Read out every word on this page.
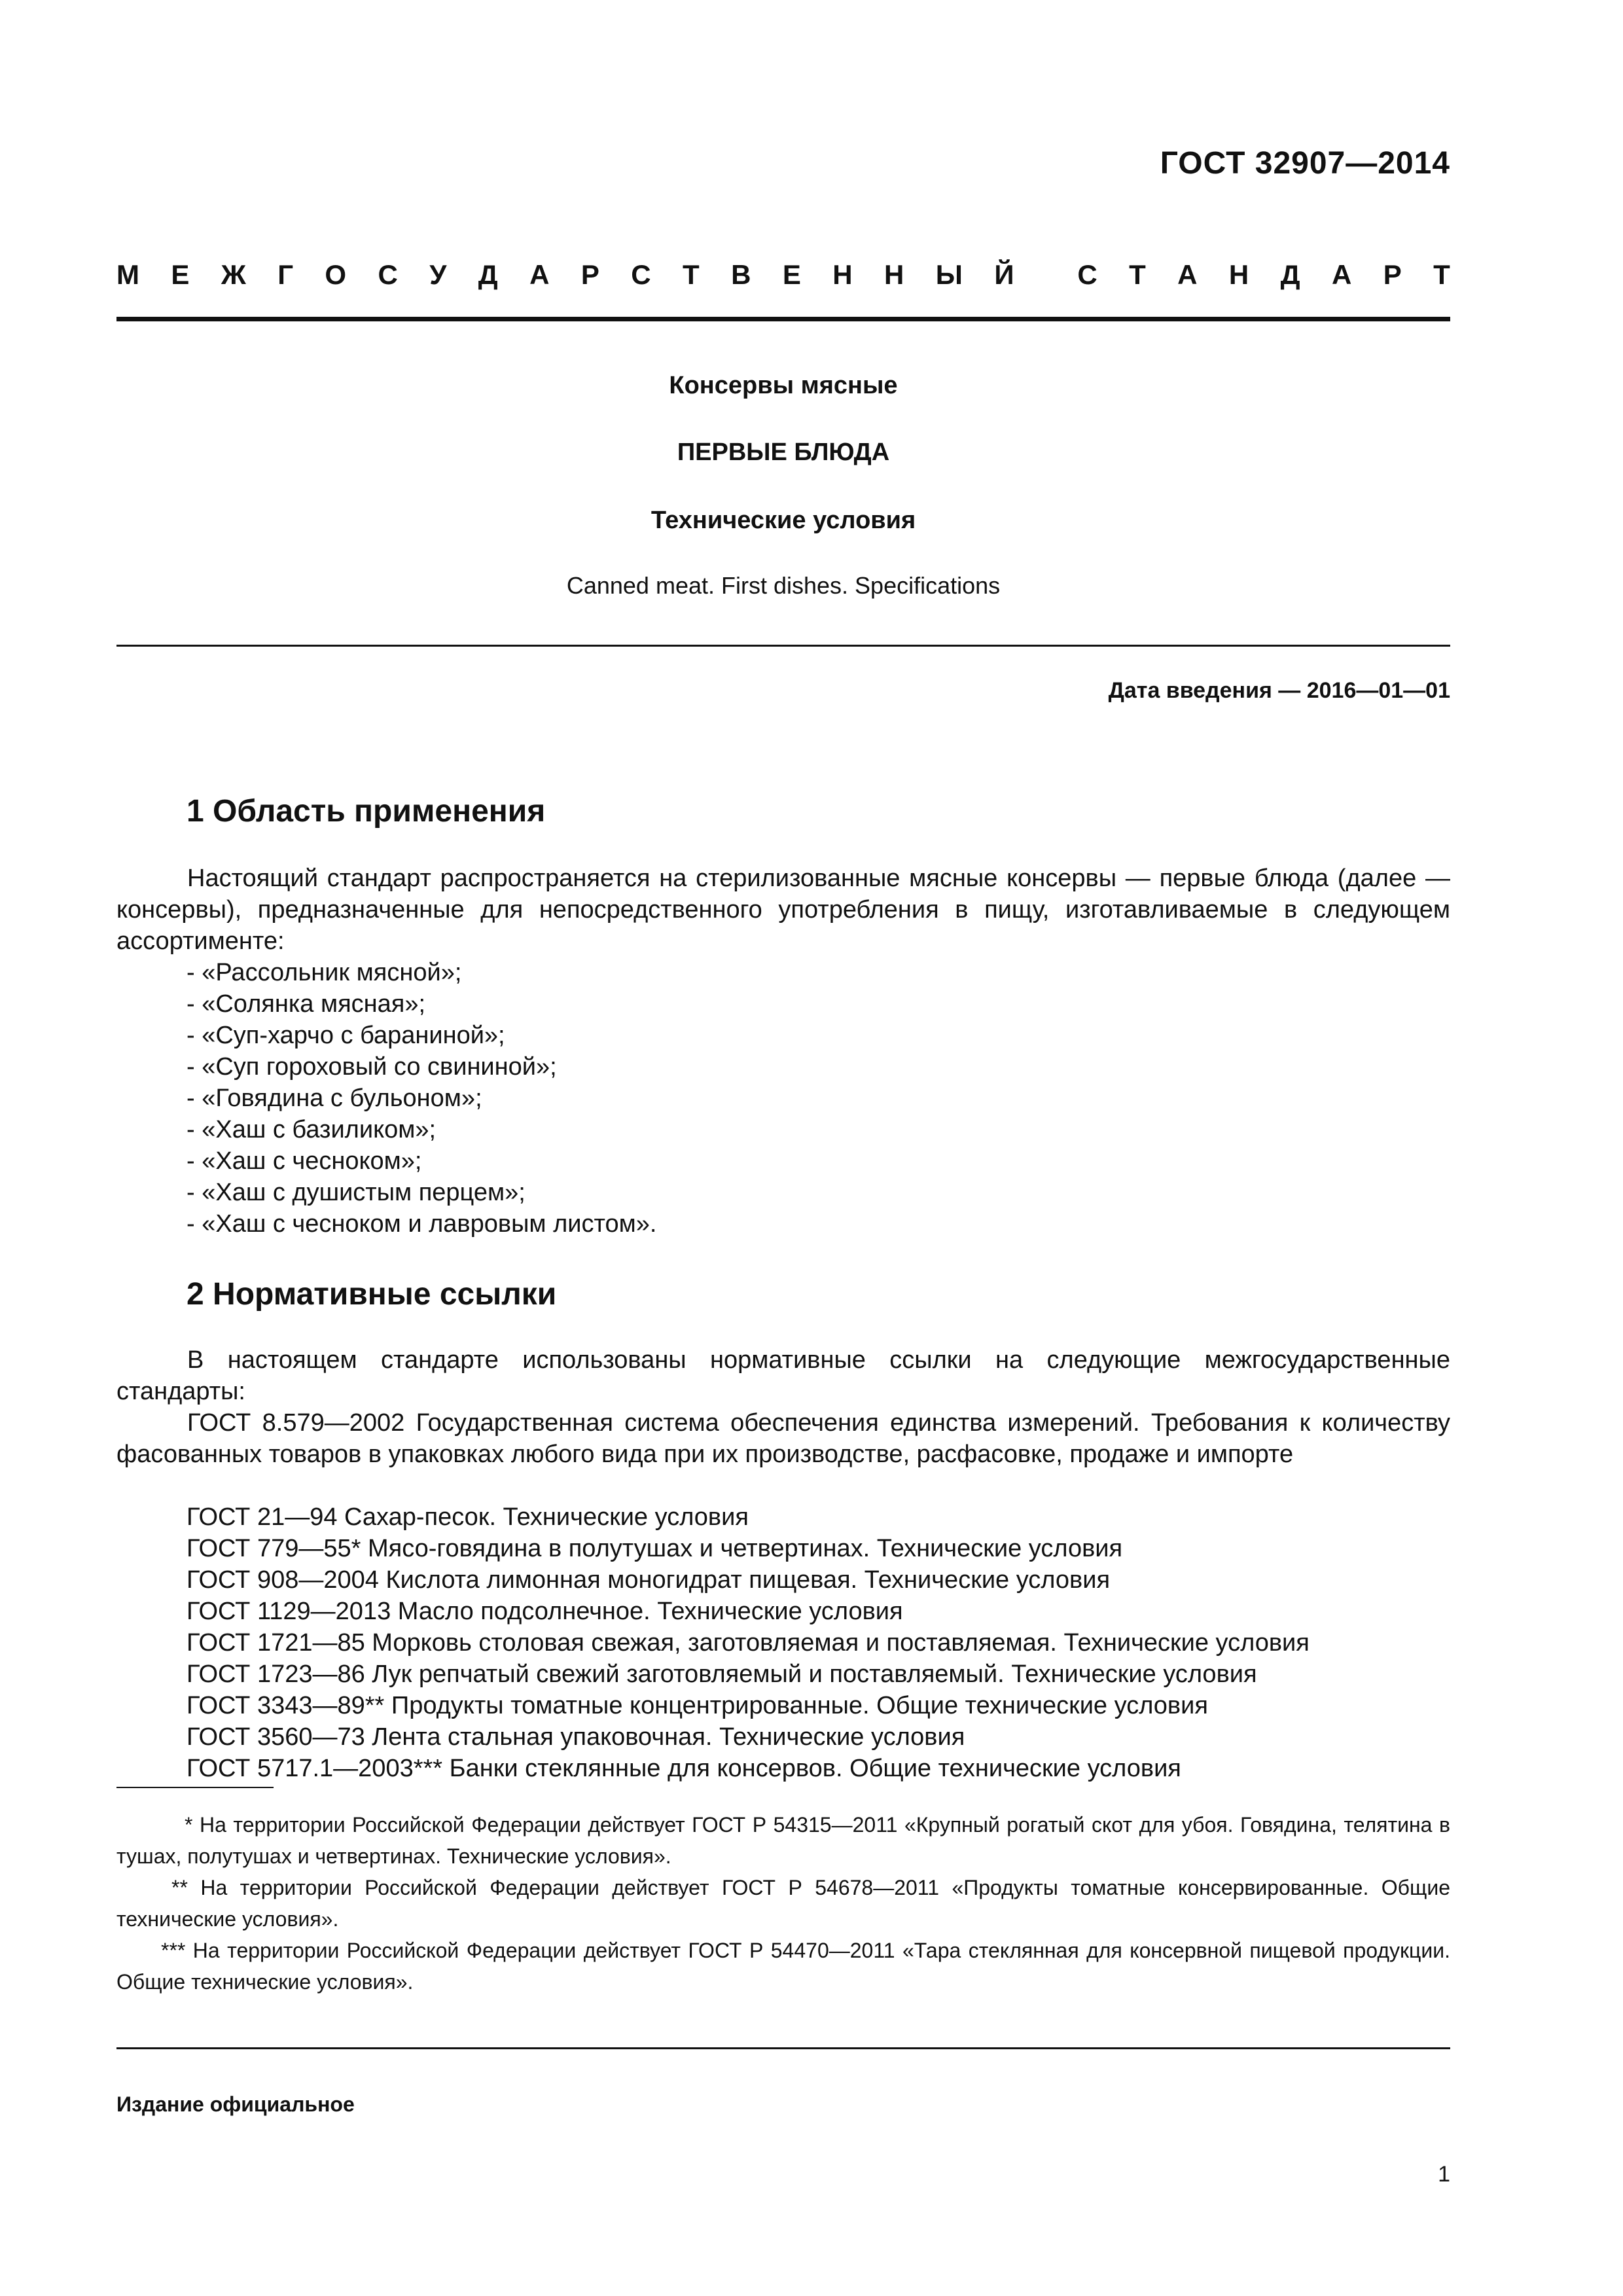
ГОСТ 32907—2014
М Е Ж Г О С У Д А Р С Т В Е Н Н Ы Й С Т А Н Д А Р Т
Консервы мясные
ПЕРВЫЕ БЛЮДА
Технические условия
Canned meat. First dishes. Specifications
Дата введения — 2016—01—01
1 Область применения
Настоящий стандарт распространяется на стерилизованные мясные консервы — первые блюда (далее — консервы), предназначенные для непосредственного употребления в пищу, изготавливаемые в следующем ассортименте:
- «Рассольник мясной»;
- «Солянка мясная»;
- «Суп-харчо с бараниной»;
- «Суп гороховый со свининой»;
- «Говядина с бульоном»;
- «Хаш с базиликом»;
- «Хаш с чесноком»;
- «Хаш с душистым перцем»;
- «Хаш с чесноком и лавровым листом».
2 Нормативные ссылки
В настоящем стандарте использованы нормативные ссылки на следующие межгосударственные стандарты:
ГОСТ 8.579—2002 Государственная система обеспечения единства измерений. Требования к количеству фасованных товаров в упаковках любого вида при их производстве, расфасовке, продаже и импорте
ГОСТ 21—94 Сахар-песок. Технические условия
ГОСТ 779—55* Мясо-говядина в полутушах и четвертинах. Технические условия
ГОСТ 908—2004 Кислота лимонная моногидрат пищевая. Технические условия
ГОСТ 1129—2013 Масло подсолнечное. Технические условия
ГОСТ 1721—85 Морковь столовая свежая, заготовляемая и поставляемая. Технические условия
ГОСТ 1723—86 Лук репчатый свежий заготовляемый и поставляемый. Технические условия
ГОСТ 3343—89** Продукты томатные концентрированные. Общие технические условия
ГОСТ 3560—73 Лента стальная упаковочная. Технические условия
ГОСТ 5717.1—2003*** Банки стеклянные для консервов. Общие технические условия

* На территории Российской Федерации действует ГОСТ Р 54315—2011 «Крупный рогатый скот для убоя. Говядина, телятина в тушах, полутушах и четвертинах. Технические условия».

** На территории Российской Федерации действует ГОСТ Р 54678—2011 «Продукты томатные консервированные. Общие технические условия».

*** На территории Российской Федерации действует ГОСТ Р 54470—2011 «Тара стеклянная для консервной пищевой продукции. Общие технические условия».

Издание официальное
1
